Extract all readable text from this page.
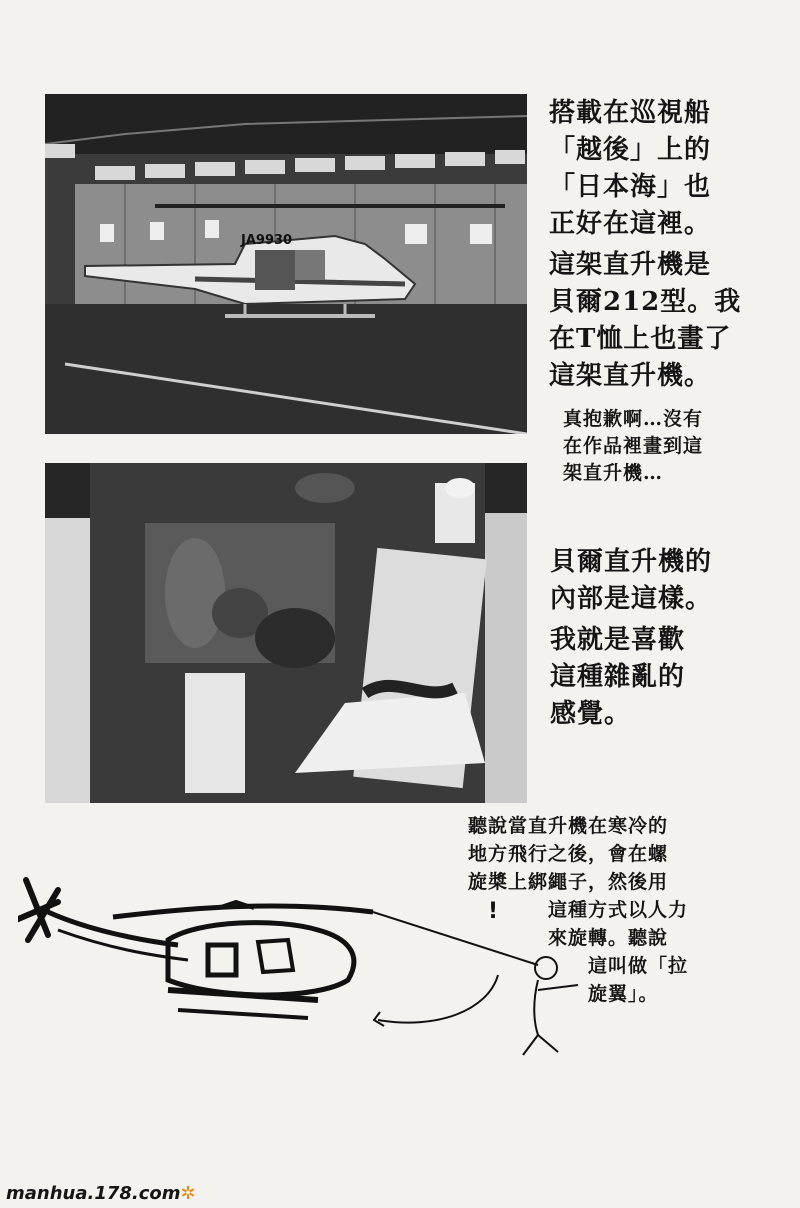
JA9930
搭載在巡視船
「越後」上的
「日本海」也
正好在這裡。
這架直升機是
貝爾212型。我
在T恤上也畫了
這架直升機。
真抱歉啊…沒有
在作品裡畫到這
架直升機…
貝爾直升機的
內部是這樣。
我就是喜歡
這種雜亂的
感覺。
!
聽說當直升機在寒冷的
地方飛行之後，會在螺
旋槳上綁繩子，然後用
這種方式以人力
來旋轉。聽說
這叫做「拉
旋翼」。
manhua.178.com✲
